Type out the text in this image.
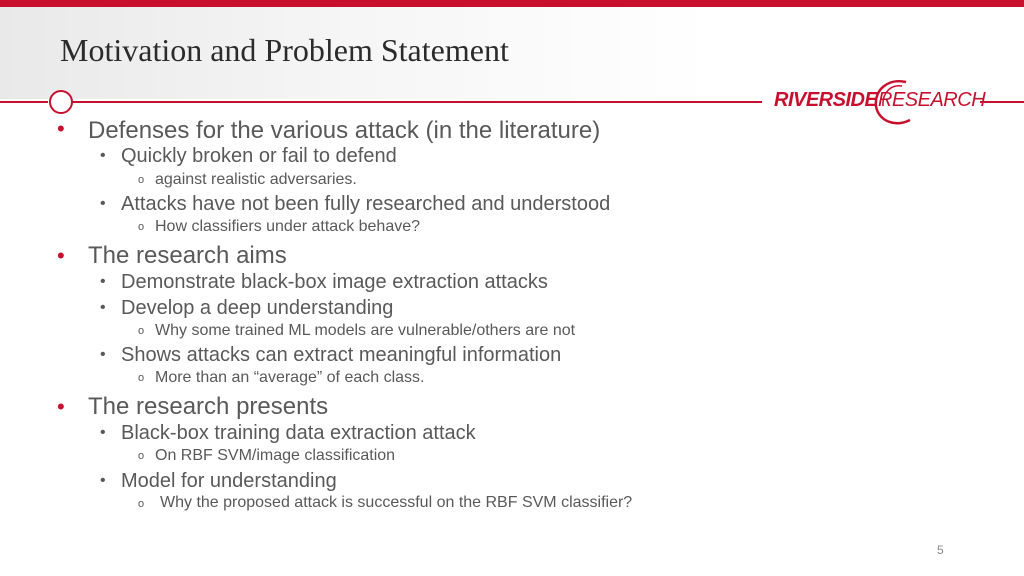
Motivation and Problem Statement
RIVERSIDE RESEARCH
• Defenses for the various attack (in the literature)
• Quickly broken or fail to defend
o against realistic adversaries.
• Attacks have not been fully researched and understood
o How classifiers under attack behave?
• The research aims
• Demonstrate black-box image extraction attacks
• Develop a deep understanding
o Why some trained ML models are vulnerable/others are not
• Shows attacks can extract meaningful information
o More than an “average” of each class.
• The research presents
• Black-box training data extraction attack
o On RBF SVM/image classification
• Model for understanding
o Why the proposed attack is successful on the RBF SVM classifier?
5
